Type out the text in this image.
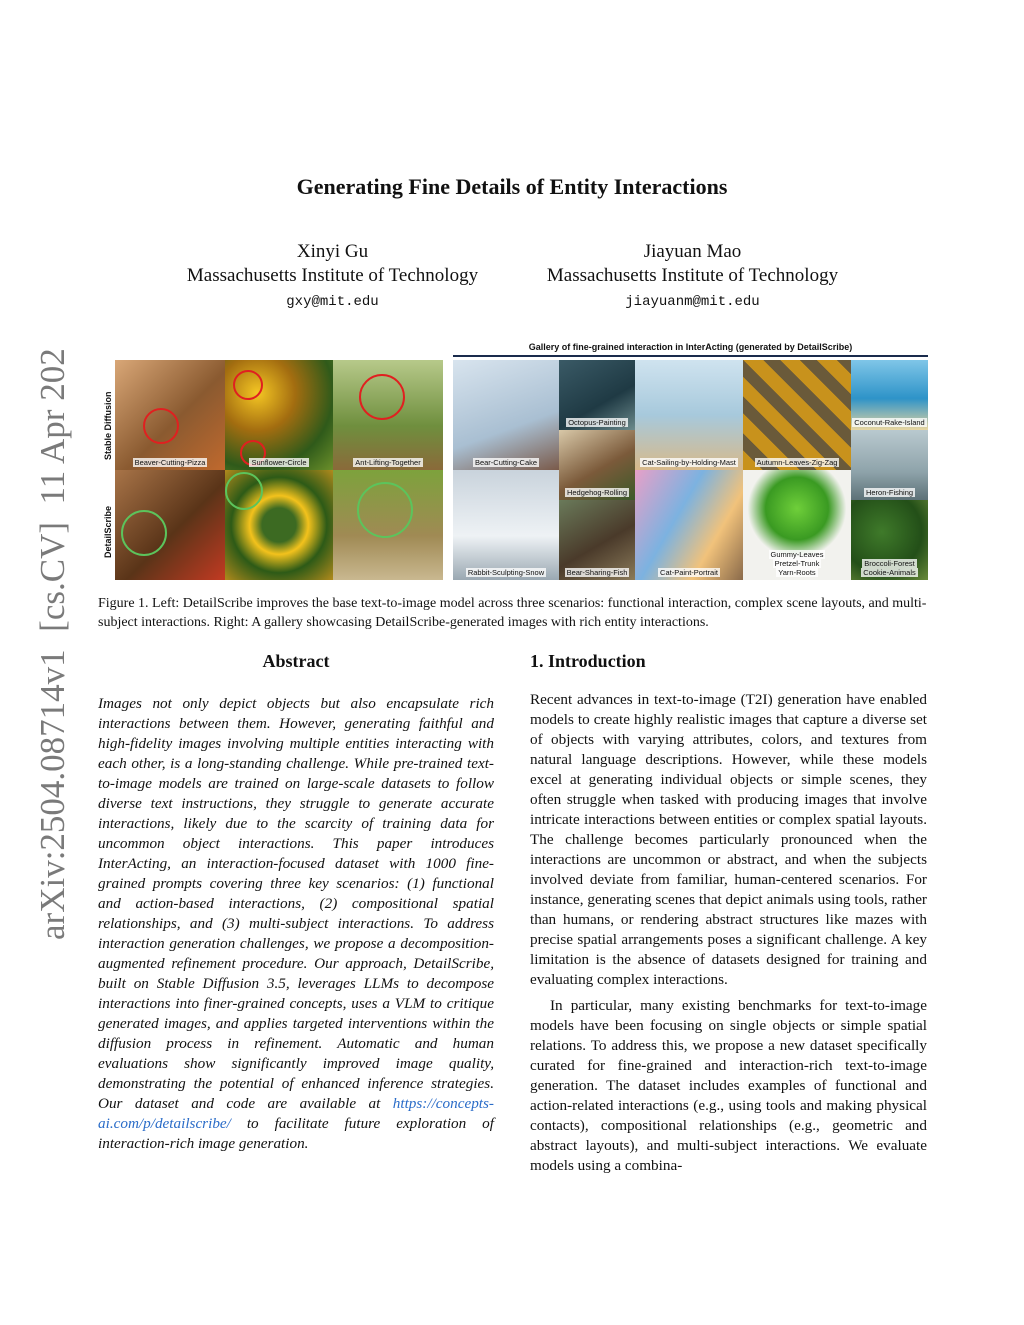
arXiv:2504.08714v1  [cs.CV]  11 Apr 2025
Generating Fine Details of Entity Interactions
Xinyi Gu
Massachusetts Institute of Technology
gxy@mit.edu
Jiayuan Mao
Massachusetts Institute of Technology
jiayuanm@mit.edu
Stable Diffusion
DetailScribe
Beaver-Cutting-Pizza	Sunflower-Circle	Ant-Lifting-Together
Gallery of fine-grained interaction in InterActing (generated by DetailScribe)
Bear-Cutting-Cake
Octopus-Painting
Hedgehog-Rolling
Cat-Sailing-by-Holding-Mast	Autumn-Leaves-Zig-Zag
Coconut-Rake-Island
Heron-Fishing
Rabbit-Sculpting-Snow	Bear-Sharing-Fish	Cat-Paint-Portrait
Gummy-Leaves
Pretzel-Trunk
Yarn-Roots
Broccoli-Forest
Cookie-Animals
Figure 1. Left: DetailScribe improves the base text-to-image model across three scenarios: functional interaction, complex scene layouts, and multi-subject interactions. Right: A gallery showcasing DetailScribe-generated images with rich entity interactions.
Abstract
Images not only depict objects but also encapsulate rich interactions between them. However, generating faithful and high-fidelity images involving multiple entities interacting with each other, is a long-standing challenge. While pre-trained text-to-image models are trained on large-scale datasets to follow diverse text instructions, they struggle to generate accurate interactions, likely due to the scarcity of training data for uncommon object interactions. This paper introduces InterActing, an interaction-focused dataset with 1000 fine-grained prompts covering three key scenarios: (1) functional and action-based interactions, (2) compositional spatial relationships, and (3) multi-subject interactions. To address interaction generation challenges, we propose a decomposition-augmented refinement procedure. Our approach, DetailScribe, built on Stable Diffusion 3.5, leverages LLMs to decompose interactions into finer-grained concepts, uses a VLM to critique generated images, and applies targeted interventions within the diffusion process in refinement. Automatic and human evaluations show significantly improved image quality, demonstrating the potential of enhanced inference strategies. Our dataset and code are available at https://concepts-ai.com/p/detailscribe/ to facilitate future exploration of interaction-rich image generation.
1. Introduction

Recent advances in text-to-image (T2I) generation have enabled models to create highly realistic images that capture a diverse set of objects with varying attributes, colors, and textures from natural language descriptions. However, while these models excel at generating individual objects or simple scenes, they often struggle when tasked with producing images that involve intricate interactions between entities or complex spatial layouts. The challenge becomes particularly pronounced when the interactions are uncommon or abstract, and when the subjects involved deviate from familiar, human-centered scenarios. For instance, generating scenes that depict animals using tools, rather than humans, or rendering abstract structures like mazes with precise spatial arrangements poses a significant challenge. A key limitation is the absence of datasets designed for training and evaluating complex interactions.

In particular, many existing benchmarks for text-to-image models have been focusing on single objects or simple spatial relations. To address this, we propose a new dataset specifically curated for fine-grained and interaction-rich text-to-image generation. The dataset includes examples of functional and action-related interactions (e.g., using tools and making physical contacts), compositional relationships (e.g., geometric and abstract layouts), and multi-subject interactions. We evaluate models using a combina-
